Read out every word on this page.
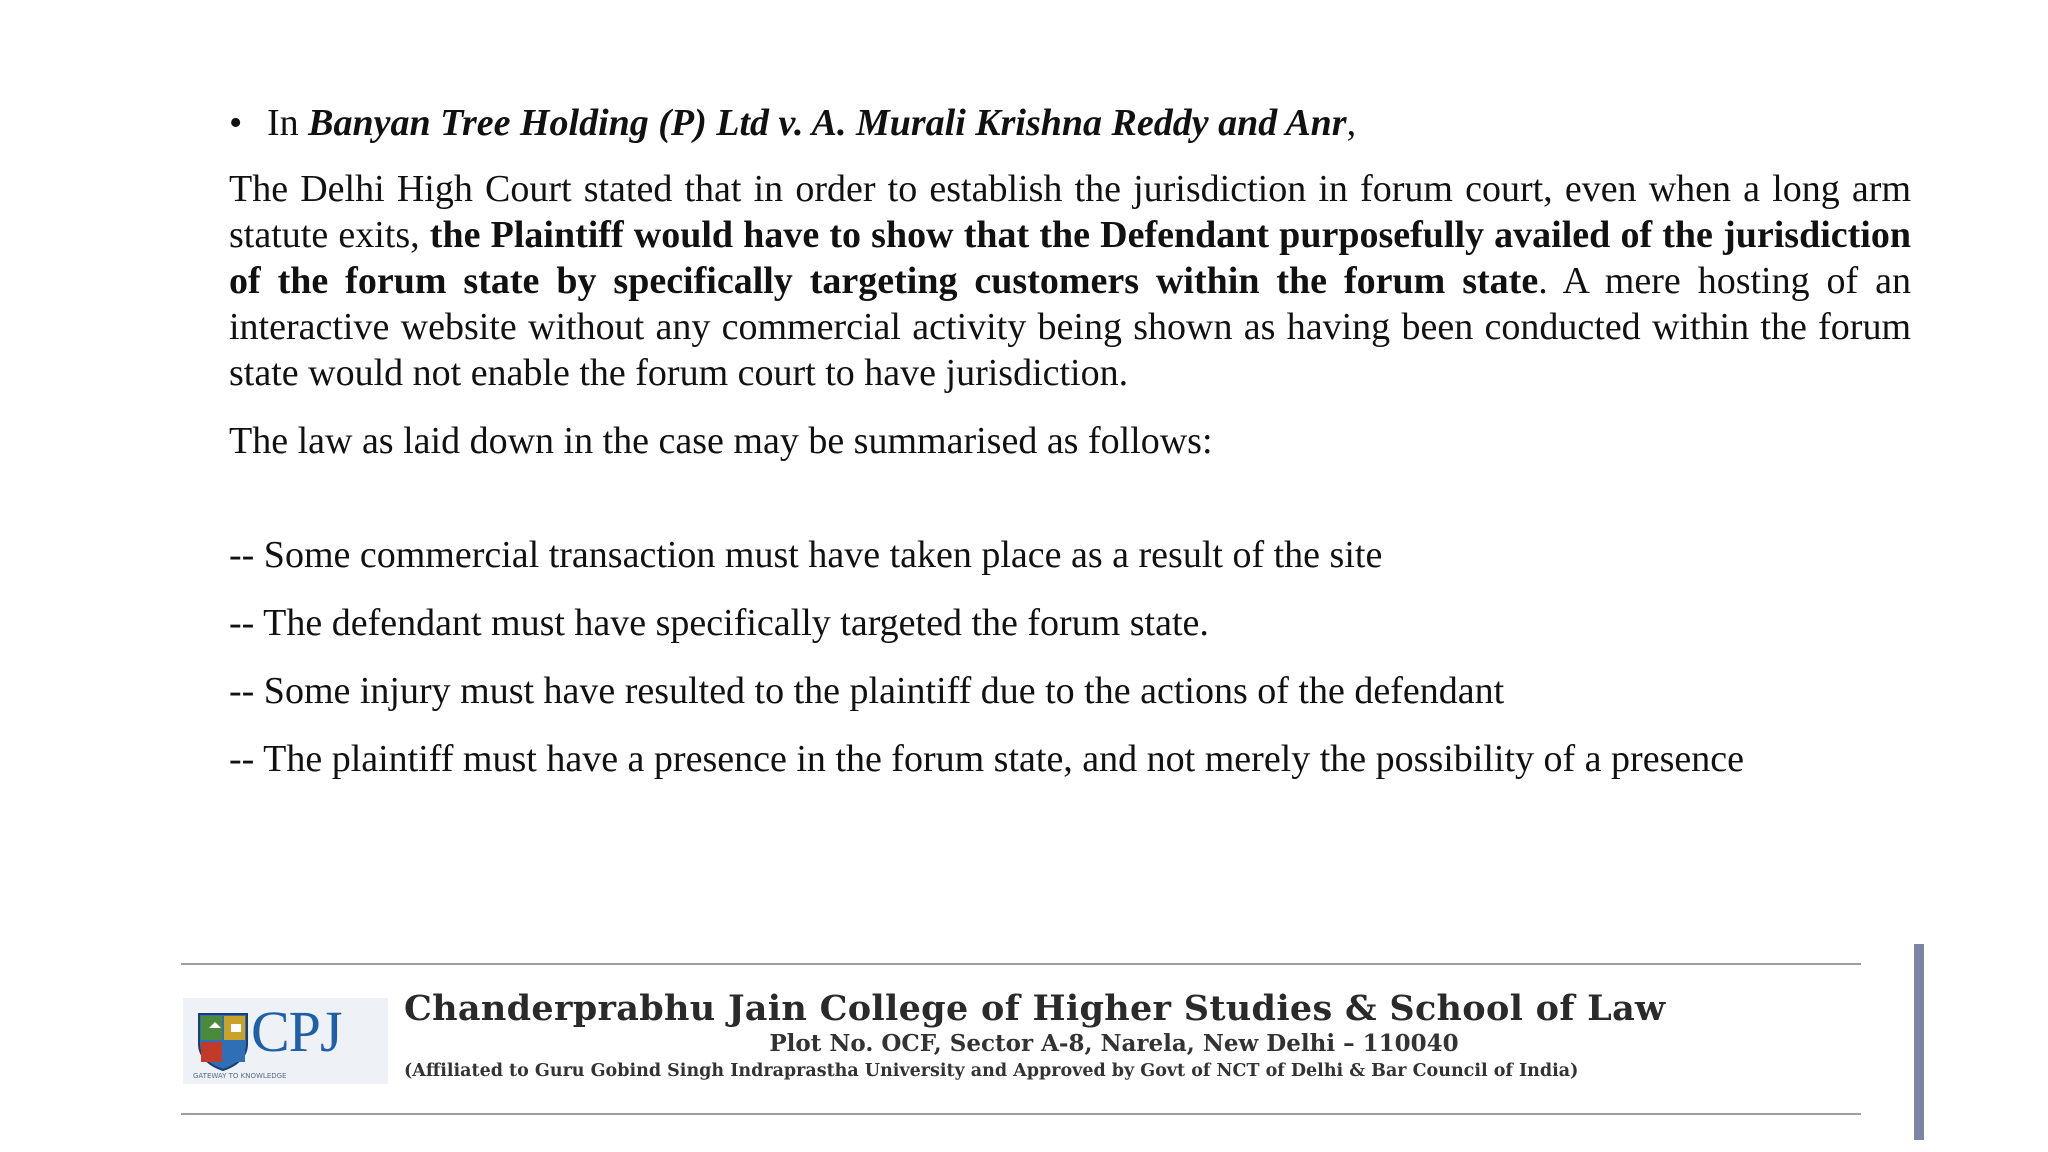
• In Banyan Tree Holding (P) Ltd v. A. Murali Krishna Reddy and Anr,

The Delhi High Court stated that in order to establish the jurisdiction in forum court, even when a long arm statute exits, the Plaintiff would have to show that the Defendant purposefully availed of the jurisdiction of the forum state by specifically targeting customers within the forum state. A mere hosting of an interactive website without any commercial activity being shown as having been conducted within the forum state would not enable the forum court to have jurisdiction.

The law as laid down in the case may be summarised as follows:

-- Some commercial transaction must have taken place as a result of the site

-- The defendant must have specifically targeted the forum state.

-- Some injury must have resulted to the plaintiff due to the actions of the defendant

-- The plaintiff must have a presence in the forum state, and not merely the possibility of a presence

CPJ
GATEWAY TO KNOWLEDGE
Chanderprabhu Jain College of Higher Studies & School of Law
Plot No. OCF, Sector A-8, Narela, New Delhi – 110040
(Affiliated to Guru Gobind Singh Indraprastha University and Approved by Govt of NCT of Delhi & Bar Council of India)
